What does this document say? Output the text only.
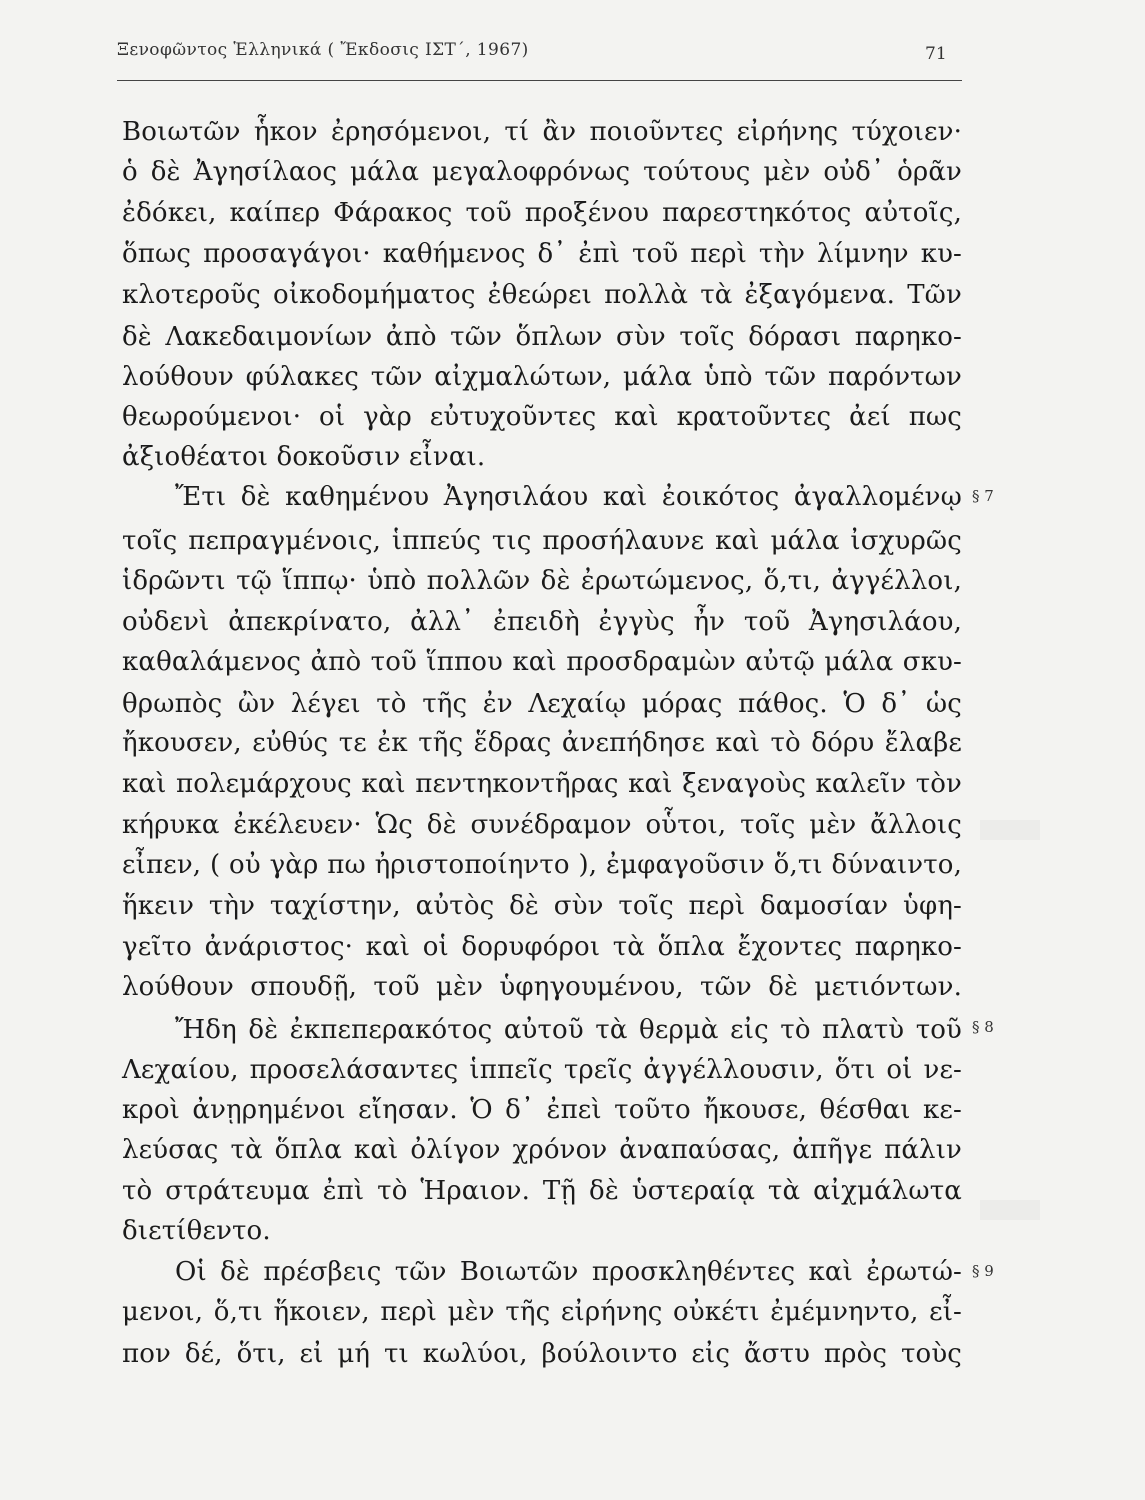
Ξενοφῶντος Ἑλληνικά ( Ἔκδοσις ΙΣΤ΄, 1967)	71
Βοιωτῶν ἧκον ἐρησόμενοι, τί ἂν ποιοῦντες εἰρήνης τύχοιεν·
ὁ δὲ Ἀγησίλαος μάλα μεγαλοφρόνως τούτους μὲν οὐδ᾽ ὁρᾶν
ἐδόκει, καίπερ Φάρακος τοῦ προξένου παρεστηκότος αὐτοῖς,
ὅπως προσαγάγοι· καθήμενος δ᾽ ἐπὶ τοῦ περὶ τὴν λίμνην κυ-
κλοτεροῦς οἰκοδομήματος ἐθεώρει πολλὰ τὰ ἐξαγόμενα. Τῶν
δὲ Λακεδαιμονίων ἀπὸ τῶν ὅπλων σὺν τοῖς δόρασι παρηκο-
λούθουν φύλακες τῶν αἰχμαλώτων, μάλα ὑπὸ τῶν παρόντων
θεωρούμενοι· οἱ γὰρ εὐτυχοῦντες καὶ κρατοῦντες ἀεί πως
ἀξιοθέατοι δοκοῦσιν εἶναι.
Ἔτι δὲ καθημένου Ἀγησιλάου καὶ ἐοικότος ἀγαλλομένῳ
τοῖς πεπραγμένοις, ἱππεύς τις προσήλαυνε καὶ μάλα ἰσχυρῶς
ἱδρῶντι τῷ ἵππῳ· ὑπὸ πολλῶν δὲ ἐρωτώμενος, ὅ,τι, ἀγγέλλοι,
οὐδενὶ ἀπεκρίνατο, ἀλλ᾽ ἐπειδὴ ἐγγὺς ἦν τοῦ Ἀγησιλάου,
καθαλάμενος ἀπὸ τοῦ ἵππου καὶ προσδραμὼν αὐτῷ μάλα σκυ-
θρωπὸς ὢν λέγει τὸ τῆς ἐν Λεχαίῳ μόρας πάθος. Ὁ δ᾽ ὡς
ἤκουσεν, εὐθύς τε ἐκ τῆς ἕδρας ἀνεπήδησε καὶ τὸ δόρυ ἔλαβε
καὶ πολεμάρχους καὶ πεντηκοντῆρας καὶ ξεναγοὺς καλεῖν τὸν
κήρυκα ἐκέλευεν· Ὡς δὲ συνέδραμον οὗτοι, τοῖς μὲν ἄλλοις
εἶπεν, ( οὐ γὰρ πω ἠριστοποίηντο ), ἐμφαγοῦσιν ὅ,τι δύναιντο,
ἥκειν τὴν ταχίστην, αὐτὸς δὲ σὺν τοῖς περὶ δαμοσίαν ὑφη-
γεῖτο ἀνάριστος· καὶ οἱ δορυφόροι τὰ ὅπλα ἔχοντες παρηκο-
λούθουν σπουδῇ, τοῦ μὲν ὑφηγουμένου, τῶν δὲ μετιόντων.
Ἤδη δὲ ἐκπεπερακότος αὐτοῦ τὰ θερμὰ εἰς τὸ πλατὺ τοῦ
Λεχαίου, προσελάσαντες ἱππεῖς τρεῖς ἀγγέλλουσιν, ὅτι οἱ νε-
κροὶ ἀνῃρημένοι εἴησαν. Ὁ δ᾽ ἐπεὶ τοῦτο ἤκουσε, θέσθαι κε-
λεύσας τὰ ὅπλα καὶ ὀλίγον χρόνον ἀναπαύσας, ἀπῆγε πάλιν
τὸ στράτευμα ἐπὶ τὸ Ἡραιον. Τῇ δὲ ὑστεραίᾳ τὰ αἰχμάλωτα
διετίθεντο.
Οἱ δὲ πρέσβεις τῶν Βοιωτῶν προσκληθέντες καὶ ἐρωτώ-
μενοι, ὅ,τι ἥκοιεν, περὶ μὲν τῆς εἰρήνης οὐκέτι ἐμέμνηντο, εἶ-
πον δέ, ὅτι, εἰ μή τι κωλύοι, βούλοιντο εἰς ἄστυ πρὸς τοὺς
§ 7
§ 8
§ 9
